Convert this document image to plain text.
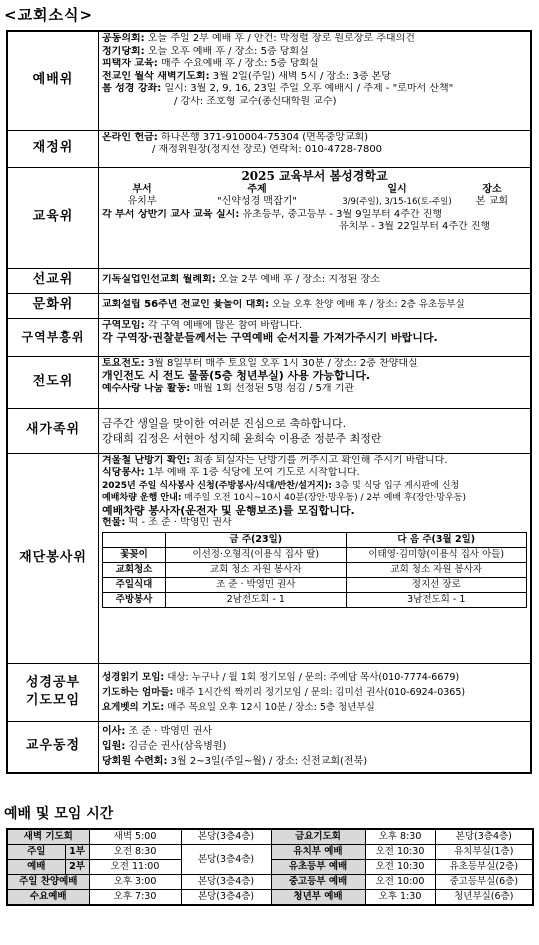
<교회소식>
예배위	
공동의회: 오늘 주일 2부 예배 후 / 안건: 박정렬 장로 원로장로 추대의건
정기당회: 오늘 오후 예배 후 / 장소: 5층 당회실
피택자 교육: 매주 수요예배 후 / 장소: 5층 당회실
전교인 월삭 새벽기도회: 3월 2일(주일) 새벽 5시 / 장소: 3층 본당
봄 성경 강좌: 일시: 3월 2, 9, 16, 23일 주일 오후 예배시 / 주제 - "로마서 산책"
/ 강사: 조호형 교수(총신대학원 교수)

재정위	
온라인 헌금: 하나은행 371-910004-75304 (면목중앙교회)
/ 재정위원장(정지선 장로) 연락처: 010-4728-7800

교육위	
2025 교육부서 봄성경학교
부서	주제	일시	장소
유치부	"신약성경 맥잡기"	3/9(주일), 3/15-16(토-주일)	본 교회
각 부서 상반기 교사 교육 실시: 유초등부, 중고등부 - 3월 9일부터 4주간 진행
유치부 - 3월 22일부터 4주간 진행

선교위	기독실업인선교회 월례회: 오늘 2부 예배 후 / 장소: 지정된 장소

문화위	교회설립 56주년 전교인 윷놀이 대회: 오늘 오후 찬양 예배 후 / 장소: 2층 유초등부실

구역부흥위	
구역모임: 각 구역 예배에 많은 참여 바랍니다.
각 구역장·권찰분들께서는 구역예배 순서지를 가져가주시기 바랍니다.

전도위	
토요전도: 3월 8일부터 매주 토요일 오후 1시 30분 / 장소: 2층 찬양대실
개인전도 시 전도 물품(5층 청년부실) 사용 가능합니다.
예수사랑 나눔 활동: 매월 1회 선정된 5명 섬김 / 5개 기관

새가족위	금주간 생일을 맞이한 여러분 진심으로 축하합니다.
강태희 김정은 서현아 성지혜 윤희숙 이용준 정분주 최정란

재단봉사위	
겨울철 난방기 확인: 최종 퇴실자는 난방기를 꺼주시고 확인해 주시기 바랍니다.
식당봉사: 1부 예배 후 1층 식당에 모여 기도로 시작합니다.
2025년 주일 식사봉사 신청(주방봉사/식대/반찬/설거지): 3층 및 식당 입구 게시판에 신청
예배차량 운행 안내: 매주일 오전 10시~10시 40분(장안·망우동) / 2부 예배 후(장안·망우동)
예배차량 봉사자(운전자 및 운행보조)를 모집합니다.
헌물: 떡 - 조 준 · 박영민 권사
	금 주(23일)	다 음 주(3월 2일)
꽃꽂이	이선정·오형직(이용식 집사 딸)	이태영·김미향(이용식 집사 아들)
교회청소	교회 청소 자원 봉사자	교회 청소 자원 봉사자
주일식대	조 준 · 박영민 권사	정지선 장로
주방봉사	2남전도회 - 1	3남전도회 - 1

성경공부
기도모임	
성경읽기 모임: 대상: 누구나 / 월 1회 정기모임 / 문의: 주예담 목사(010-7774-6679)
기도하는 엄마들: 매주 1시간씩 짝끼리 정기모임 / 문의: 김미선 권사(010-6924-0365)
요게벳의 기도: 매주 목요일 오후 12시 10분 / 장소: 5층 청년부실

교우동정	
이사: 조 준 · 박영민 권사
입원: 김금순 권사(삼육병원)
당회원 수련회: 3월 2~3일(주일~월) / 장소: 신전교회(전북)
예배 및 모임 시간
새벽 기도회		새벽 5:00	본당(3층4층)	금요기도회	오후 8:30	본당(3층4층)
주일	1부	오전 8:30	본당(3층4층)	유치부 예배	오전 10:30	유치부실(1층)
예배	2부	오전 11:00		유초등부 예배	오전 10:30	유초등부실(2층)
주일 찬양예배		오후 3:00	본당(3층4층)	중고등부 예배	오전 10:00	중고등부실(6층)
수요예배		오후 7:30	본당(3층4층)	청년부 예배	오후 1:30	청년부실(6층)
